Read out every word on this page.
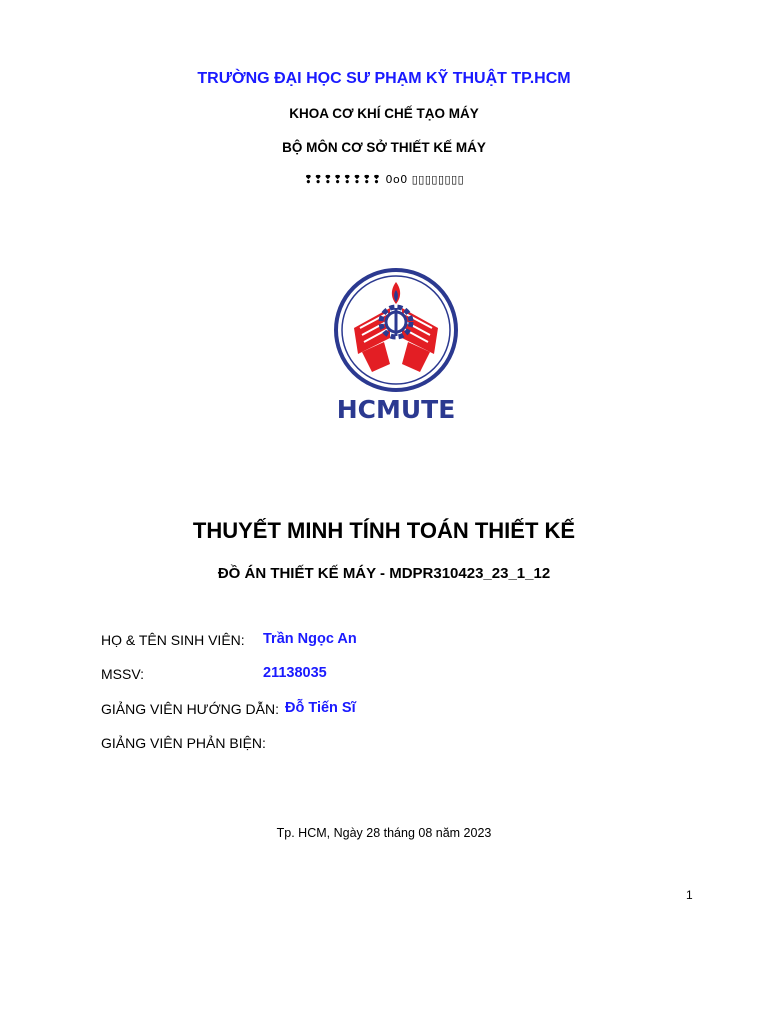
TRƯỜNG ĐẠI HỌC SƯ PHẠM KỸ THUẬT TP.HCM
KHOA CƠ KHÍ CHẾ TẠO MÁY
BỘ MÔN CƠ SỞ THIẾT KẾ MÁY
❢❢❢❢❢❢❢❢ 0o0 ▯▯▯▯▯▯▯▯
HCMUTE
THUYẾT MINH TÍNH TOÁN THIẾT KẾ
ĐỒ ÁN THIẾT KẾ MÁY - MDPR310423_23_1_12
HỌ & TÊN SINH VIÊN: Trần Ngọc An
MSSV:	21138035
GIẢNG VIÊN HƯỚNG DẪN: Đỗ Tiến Sĩ
GIẢNG VIÊN PHẢN BIỆN:
Tp. HCM, Ngày 28 tháng 08 năm 2023
1
